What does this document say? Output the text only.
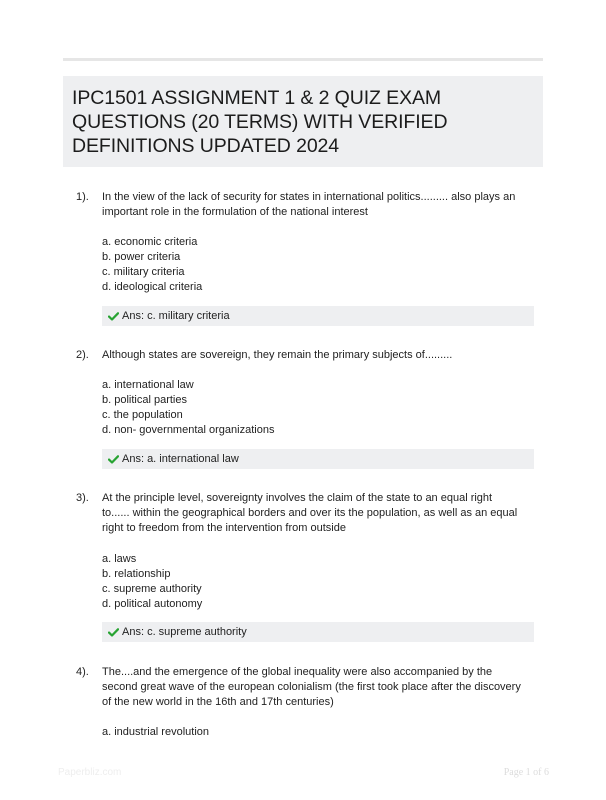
IPC1501 ASSIGNMENT 1 & 2 QUIZ EXAM QUESTIONS (20 TERMS) WITH VERIFIED DEFINITIONS UPDATED 2024
1). In the view of the lack of security for states in international politics......... also plays an important role in the formulation of the national interest
a. economic criteria
b. power criteria
c. military criteria
d. ideological criteria
Ans: c. military criteria
2). Although states are sovereign, they remain the primary subjects of.........
a. international law
b. political parties
c. the population
d. non- governmental organizations
Ans: a. international law
3). At the principle level, sovereignty involves the claim of the state to an equal right to...... within the geographical borders and over its the population, as well as an equal right to freedom from the intervention from outside
a. laws
b. relationship
c. supreme authority
d. political autonomy
Ans: c. supreme authority
4). The....and the emergence of the global inequality were also accompanied by the second great wave of the european colonialism (the first took place after the discovery of the new world in the 16th and 17th centuries)
a. industrial revolution
Paperbliz.com	Page 1 of 6
